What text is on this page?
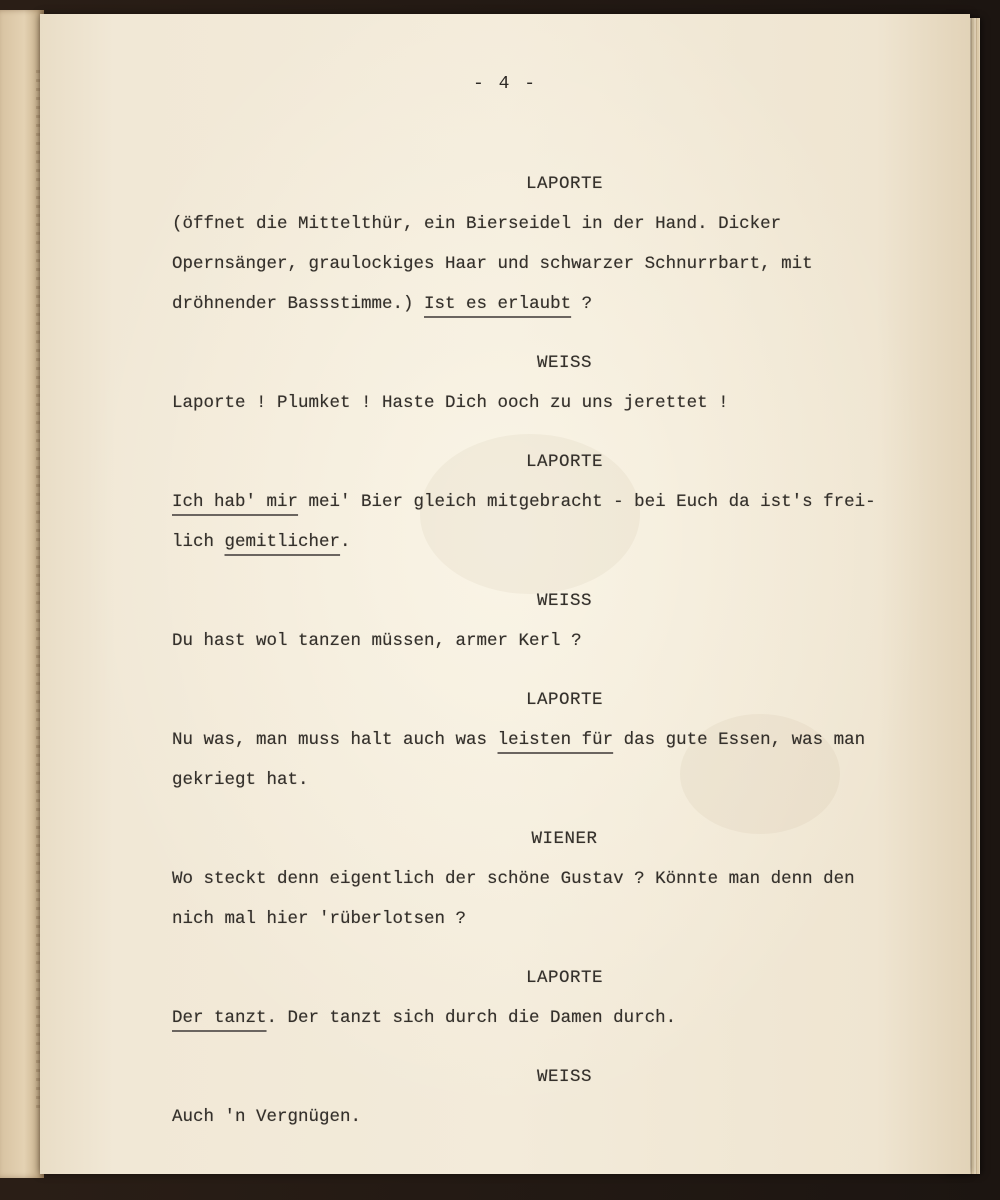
- 4 -
LAPORTE
(öffnet die Mittelthür, ein Bierseidel in der Hand. Dicker
Opernsänger, graulockiges Haar und schwarzer Schnurrbart, mit
dröhnender Bassstimme.) Ist es erlaubt ?
WEISS
Laporte ! Plumket ! Haste Dich ooch zu uns jerettet !
LAPORTE
Ich hab' mir mei' Bier gleich mitgebracht - bei Euch da ist's frei-
lich gemitlicher.
WEISS
Du hast wol tanzen müssen, armer Kerl ?
LAPORTE
Nu was, man muss halt auch was leisten für das gute Essen, was man
gekriegt hat.
WIENER
Wo steckt denn eigentlich der schöne Gustav ? Könnte man denn den
nich mal hier 'rüberlotsen ?
LAPORTE
Der tanzt. Der tanzt sich durch die Damen durch.
WEISS
Auch 'n Vergnügen.
